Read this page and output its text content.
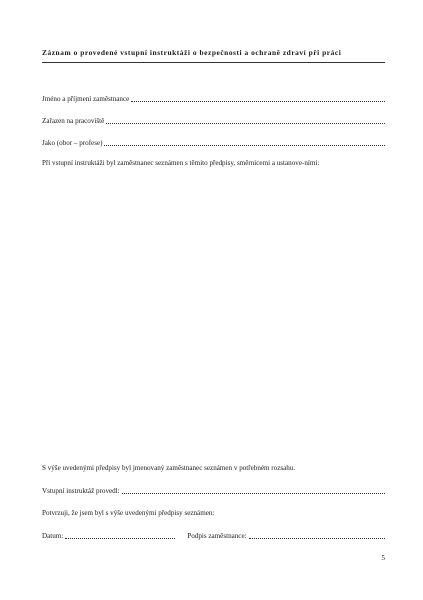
Záznam o provedené vstupní instruktáži o bezpečnosti a ochraně zdraví při práci
Jméno a příjmení zaměstnance
Zařazen na pracoviště
Jako (obor – profese)
Při vstupní instruktáži byl zaměstnanec seznámen s těmito předpisy, směrnicemi a ustanove-ními:
S výše uvedenými předpisy byl jmenovaný zaměstnanec seznámen v potřebném rozsahu.
Vstupní instruktáž provedl:
Potvrzuji, že jsem byl s výše uvedenými předpisy seznámen:
Datum:	Podpis zaměstnance:
5
